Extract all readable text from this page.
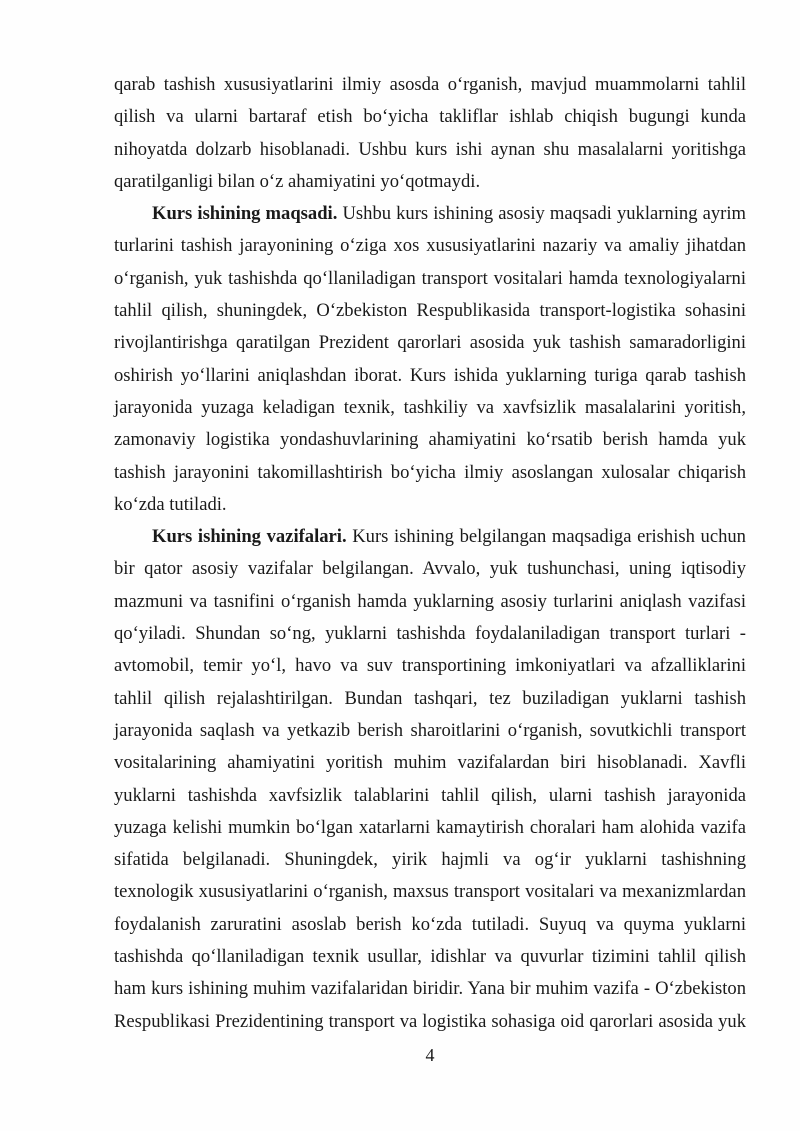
qarab tashish xususiyatlarini ilmiy asosda o‘rganish, mavjud muammolarni tahlil
qilish va ularni bartaraf etish bo‘yicha takliflar ishlab chiqish bugungi kunda
nihoyatda dolzarb hisoblanadi. Ushbu kurs ishi aynan shu masalalarni yoritishga
qaratilganligi bilan o‘z ahamiyatini yo‘qotmaydi.

Kurs ishining maqsadi. Ushbu kurs ishining asosiy maqsadi yuklarning ayrim
turlarini tashish jarayonining o‘ziga xos xususiyatlarini nazariy va amaliy jihatdan
o‘rganish, yuk tashishda qo‘llaniladigan transport vositalari hamda texnologiyalarni
tahlil qilish, shuningdek, O‘zbekiston Respublikasida transport-logistika sohasini
rivojlantirishga qaratilgan Prezident qarorlari asosida yuk tashish samaradorligini
oshirish yo‘llarini aniqlashdan iborat. Kurs ishida yuklarning turiga qarab tashish
jarayonida yuzaga keladigan texnik, tashkiliy va xavfsizlik masalalarini yoritish,
zamonaviy logistika yondashuvlarining ahamiyatini ko‘rsatib berish hamda yuk
tashish jarayonini takomillashtirish bo‘yicha ilmiy asoslangan xulosalar chiqarish
ko‘zda tutiladi.

Kurs ishining vazifalari. Kurs ishining belgilangan maqsadiga erishish uchun
bir qator asosiy vazifalar belgilangan. Avvalo, yuk tushunchasi, uning iqtisodiy
mazmuni va tasnifini o‘rganish hamda yuklarning asosiy turlarini aniqlash vazifasi
qo‘yiladi. Shundan so‘ng, yuklarni tashishda foydalaniladigan transport turlari -
avtomobil, temir yo‘l, havo va suv transportining imkoniyatlari va afzalliklarini
tahlil qilish rejalashtirilgan. Bundan tashqari, tez buziladigan yuklarni tashish
jarayonida saqlash va yetkazib berish sharoitlarini o‘rganish, sovutkichli transport
vositalarining ahamiyatini yoritish muhim vazifalardan biri hisoblanadi. Xavfli
yuklarni tashishda xavfsizlik talablarini tahlil qilish, ularni tashish jarayonida
yuzaga kelishi mumkin bo‘lgan xatarlarni kamaytirish choralari ham alohida vazifa
sifatida belgilanadi. Shuningdek, yirik hajmli va og‘ir yuklarni tashishning
texnologik xususiyatlarini o‘rganish, maxsus transport vositalari va mexanizmlardan
foydalanish zaruratini asoslab berish ko‘zda tutiladi. Suyuq va quyma yuklarni
tashishda qo‘llaniladigan texnik usullar, idishlar va quvurlar tizimini tahlil qilish
ham kurs ishining muhim vazifalaridan biridir. Yana bir muhim vazifa - O‘zbekiston
Respublikasi Prezidentining transport va logistika sohasiga oid qarorlari asosida yuk

4
